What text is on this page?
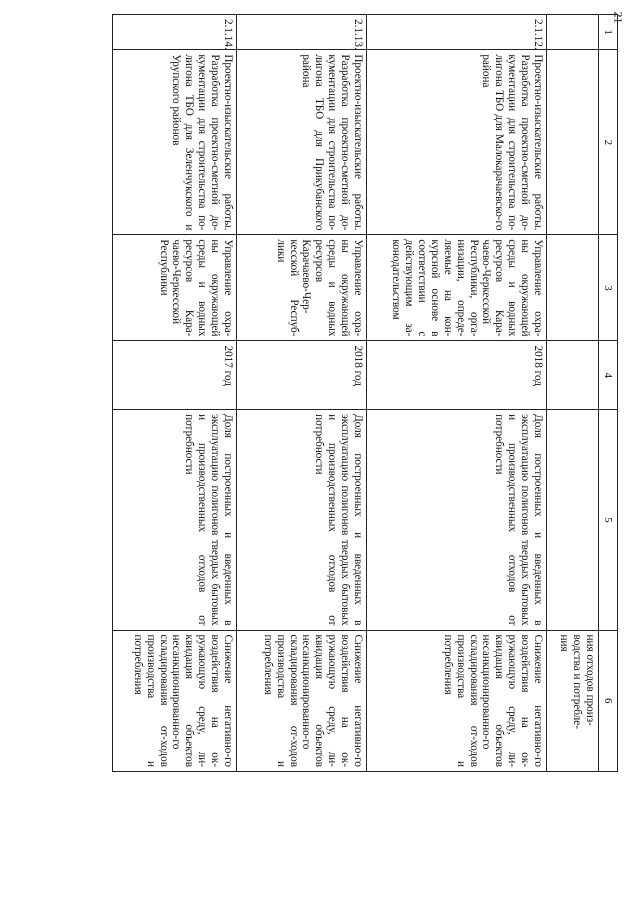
21
1	2	3	4	5	6
					ния отходов произ-
водства и потребле-
ния
2.1.12.	Проектно-изыскательские работы. Разработка проектно-сметной до-кументации для строительства по-лигона ТБО для Малокарачаевско-го района	Управление охра-ны окружающей среды и водных ресурсов Кара-чаево-Черкесской Республики, орга-низации, опреде-ляемые на кон-курсной основе в соответствии с действующим за-конодательством	2018 год	Доля построенных и введенных в эксплуатацию полигонов твердых бытовых и производственных отходов от потребности	Снижение негативно-го воздействия на ок-ружающую среду, ли-квидация объектов несанкционированно-го складирования от-ходов производства и потребления
2.1.13.	Проектно-изыскательские работы. Разработка проектно-сметной до-кументации для строительства по-лигона ТБО для Прикубанского района	Управление охра-ны окружающей среды и водных ресурсов Карачаево-Чер-кесской Респуб-лики	2018 год	Доля построенных и введенных в эксплуатацию полигонов твердых бытовых и производственных отходов от потребности	Снижение негативно-го воздействия на ок-ружающую среду, ли-квидация объектов несанкционированно-го складирования от-ходов производства и потребления
2.1.14.	Проектно-изыскательские работы. Разработка проектно-сметной до-кументации для строительства по-лигона ТБО для Зеленчукского и Урупского районов	Управление охра-ны окружающей среды и водных ресурсов Кара-чаево-Черкесской Республики	2017 год	Доля построенных и введенных в эксплуатацию полигонов твердых бытовых и производственных отходов от потребности	Снижение негативно-го воздействия на ок-ружающую среду, ли-квидация объектов несанкционированно-го складирования от-ходов производства и потребления
